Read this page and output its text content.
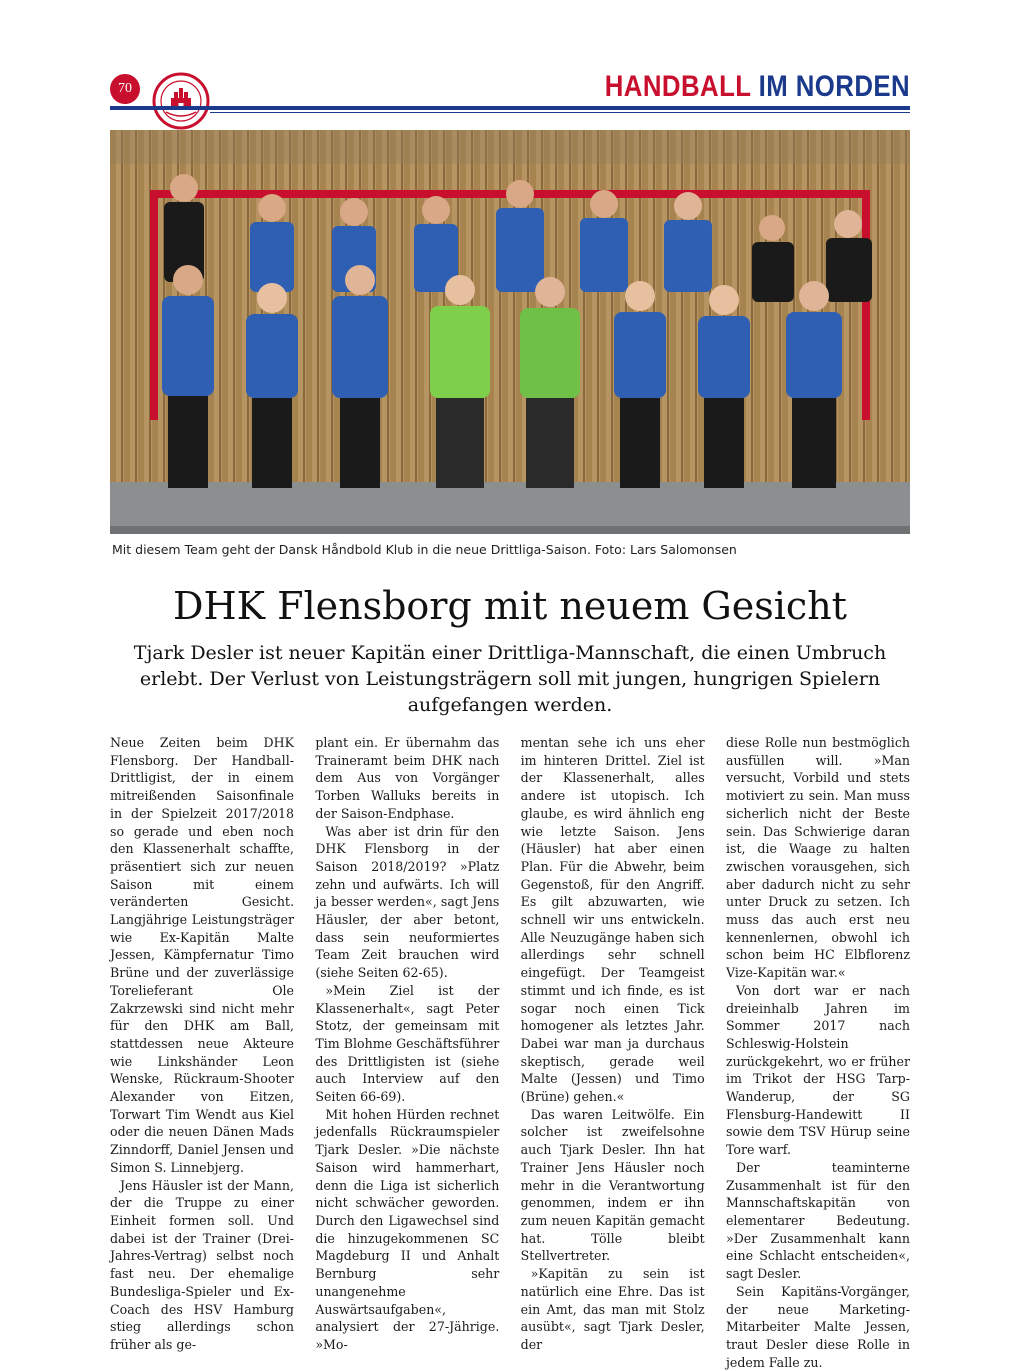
70	HANDBALL IM NORDEN
Mit diesem Team geht der Dansk Håndbold Klub in die neue Drittliga-Saison. Foto: Lars Salomonsen
DHK Flensborg mit neuem Gesicht
Tjark Desler ist neuer Kapitän einer Drittliga-Mannschaft, die einen Umbruch erlebt. Der Verlust von Leistungsträgern soll mit jungen, hungrigen Spielern aufgefangen werden.

Neue Zeiten beim DHK Flensborg. Der Handball-Drittligist, der in einem mitreißenden Saisonfinale in der Spielzeit 2017/2018 so gerade und eben noch den Klassenerhalt schaffte, präsentiert sich zur neuen Saison mit einem veränderten Gesicht. Langjährige Leistungsträger wie Ex-Kapitän Malte Jessen, Kämpfernatur Timo Brüne und der zuverlässige Torelieferant Ole Zakrzewski sind nicht mehr für den DHK am Ball, stattdessen neue Akteure wie Linkshänder Leon Wenske, Rückraum-Shooter Alexander von Eitzen, Torwart Tim Wendt aus Kiel oder die neuen Dänen Mads Zinndorff, Daniel Jensen und Simon S. Linnebjerg.

Jens Häusler ist der Mann, der die Truppe zu einer Einheit formen soll. Und dabei ist der Trainer (Drei-Jahres-Vertrag) selbst noch fast neu. Der ehemalige Bundesliga-Spieler und Ex-Coach des HSV Hamburg stieg allerdings schon früher als ge-

plant ein. Er übernahm das Traineramt beim DHK nach dem Aus von Vorgänger Torben Walluks bereits in der Saison-Endphase.

Was aber ist drin für den DHK Flensborg in der Saison 2018/2019? »Platz zehn und aufwärts. Ich will ja besser werden«, sagt Jens Häusler, der aber betont, dass sein neuformiertes Team Zeit brauchen wird (siehe Seiten 62-65).

»Mein Ziel ist der Klassenerhalt«, sagt Peter Stotz, der gemeinsam mit Tim Blohme Geschäftsführer des Drittligisten ist (siehe auch Interview auf den Seiten 66-69).

Mit hohen Hürden rechnet jedenfalls Rückraumspieler Tjark Desler. »Die nächste Saison wird hammerhart, denn die Liga ist sicherlich nicht schwächer geworden. Durch den Ligawechsel sind die hinzugekommenen SC Magdeburg II und Anhalt Bernburg sehr unangenehme Auswärtsaufgaben«, analysiert der 27-Jährige. »Mo-

mentan sehe ich uns eher im hinteren Drittel. Ziel ist der Klassenerhalt, alles andere ist utopisch. Ich glaube, es wird ähnlich eng wie letzte Saison. Jens (Häusler) hat aber einen Plan. Für die Abwehr, beim Gegenstoß, für den Angriff. Es gilt abzuwarten, wie schnell wir uns entwickeln. Alle Neuzugänge haben sich allerdings sehr schnell eingefügt. Der Teamgeist stimmt und ich finde, es ist sogar noch einen Tick homogener als letztes Jahr. Dabei war man ja durchaus skeptisch, gerade weil Malte (Jessen) und Timo (Brüne) gehen.«

Das waren Leitwölfe. Ein solcher ist zweifelsohne auch Tjark Desler. Ihn hat Trainer Jens Häusler noch mehr in die Verantwortung genommen, indem er ihn zum neuen Kapitän gemacht hat. Tölle bleibt Stellvertreter.

»Kapitän zu sein ist natürlich eine Ehre. Das ist ein Amt, das man mit Stolz ausübt«, sagt Tjark Desler, der

diese Rolle nun bestmöglich ausfüllen will. »Man versucht, Vorbild und stets motiviert zu sein. Man muss sicherlich nicht der Beste sein. Das Schwierige daran ist, die Waage zu halten zwischen vorausgehen, sich aber dadurch nicht zu sehr unter Druck zu setzen. Ich muss das auch erst neu kennenlernen, obwohl ich schon beim HC Elbflorenz Vize-Kapitän war.«

Von dort war er nach dreieinhalb Jahren im Sommer 2017 nach Schleswig-Holstein zurückgekehrt, wo er früher im Trikot der HSG Tarp-Wanderup, der SG Flensburg-Handewitt II sowie dem TSV Hürup seine Tore warf.

Der teaminterne Zusammenhalt ist für den Mannschaftskapitän von elementarer Bedeutung. »Der Zusammenhalt kann eine Schlacht entscheiden«, sagt Desler.

Sein Kapitäns-Vorgänger, der neue Marketing-Mitarbeiter Malte Jessen, traut Desler diese Rolle in jedem Falle zu.
